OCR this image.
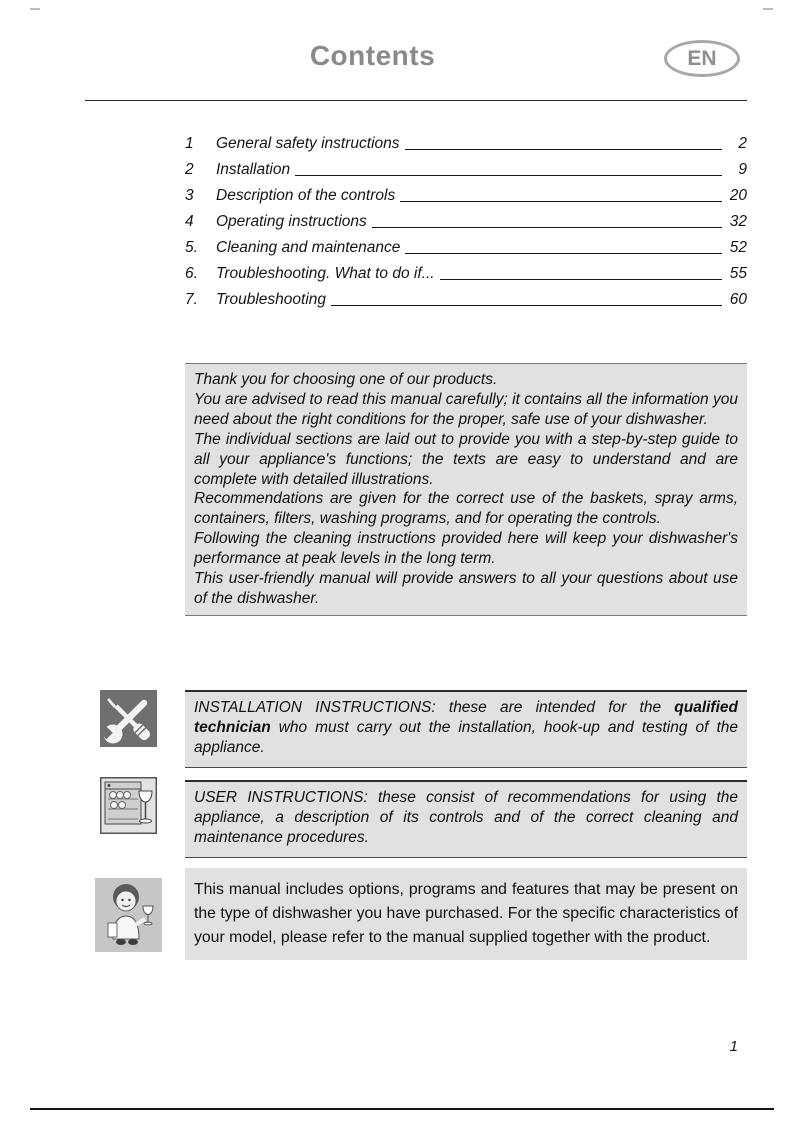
Contents	EN
1	General safety instructions	2
2	Installation	9
3	Description of the controls	20
4	Operating instructions	32
5.	Cleaning and maintenance	52
6.	Troubleshooting. What to do if...	55
7.	Troubleshooting	60

Thank you for choosing one of our products.

You are advised to read this manual carefully; it contains all the information you need about the right conditions for the proper, safe use of your dishwasher.

The individual sections are laid out to provide you with a step-by-step guide to all your appliance's functions; the texts are easy to understand and are complete with detailed illustrations.

Recommendations are given for the correct use of the baskets, spray arms, containers, filters, washing programs, and for operating the controls.

Following the cleaning instructions provided here will keep your dishwasher's performance at peak levels in the long term.

This user-friendly manual will provide answers to all your questions about use of the dishwasher.

INSTALLATION INSTRUCTIONS: these are intended for the qualified technician who must carry out the installation, hook-up and testing of the appliance.
USER INSTRUCTIONS: these consist of recommendations for using the appliance, a description of its controls and of the correct cleaning and maintenance procedures.
This manual includes options, programs and features that may be present on the type of dishwasher you have purchased. For the specific characteristics of your model, please refer to the manual supplied together with the product.
1
